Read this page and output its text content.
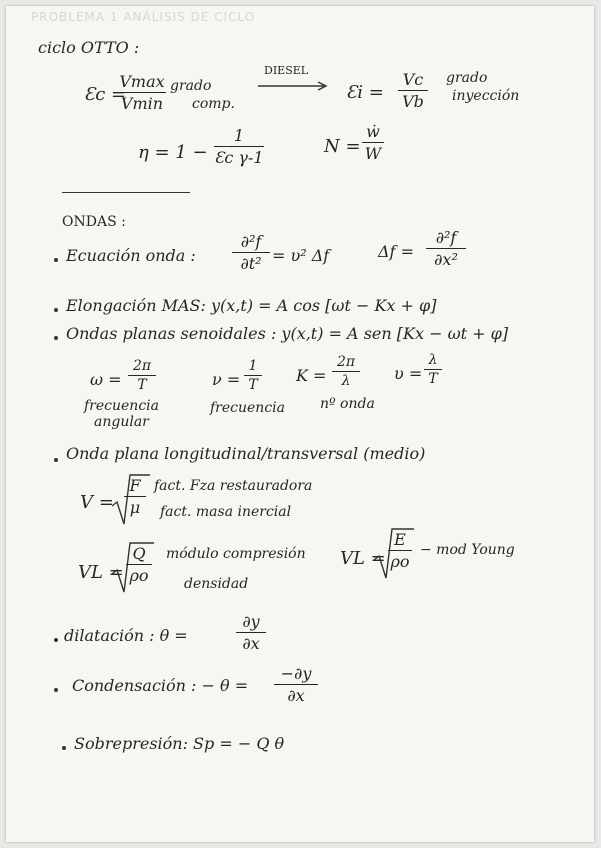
PROBLEMA 1 ANÁLISIS DE CICLO
ciclo OTTO :
Ɛc =
Vmax
Vmin
grado
comp.
DIESEL
Ɛi =
Vc
Vb
grado
inyección
η = 1 −
1
Ɛc γ-1
N =
ẇ
W
ONDAS :
Ecuación onda :
∂²f
∂t² = υ² Δf	Δf =
∂²f
∂x²
Elongación MAS: y(x,t) = A cos [ωt − Kx + φ]
Ondas planas senoidales : y(x,t) = A sen [Kx − ωt + φ]
ω =
2π
T
frecuencia
angular
ν =
1
T
frecuencia
K =
2π
λ
nº onda
υ =
λ
T
Onda plana longitudinal/transversal (medio)
V =
F
μ
fact. Fza restauradora
fact. masa inercial
VL =
Q
ρo
módulo compresión
densidad
VL =
E
ρo
− mod Young
dilatación : θ =
∂y
∂x
Condensación : − θ =
−∂y
∂x
Sobrepresión: Sp = − Q θ
